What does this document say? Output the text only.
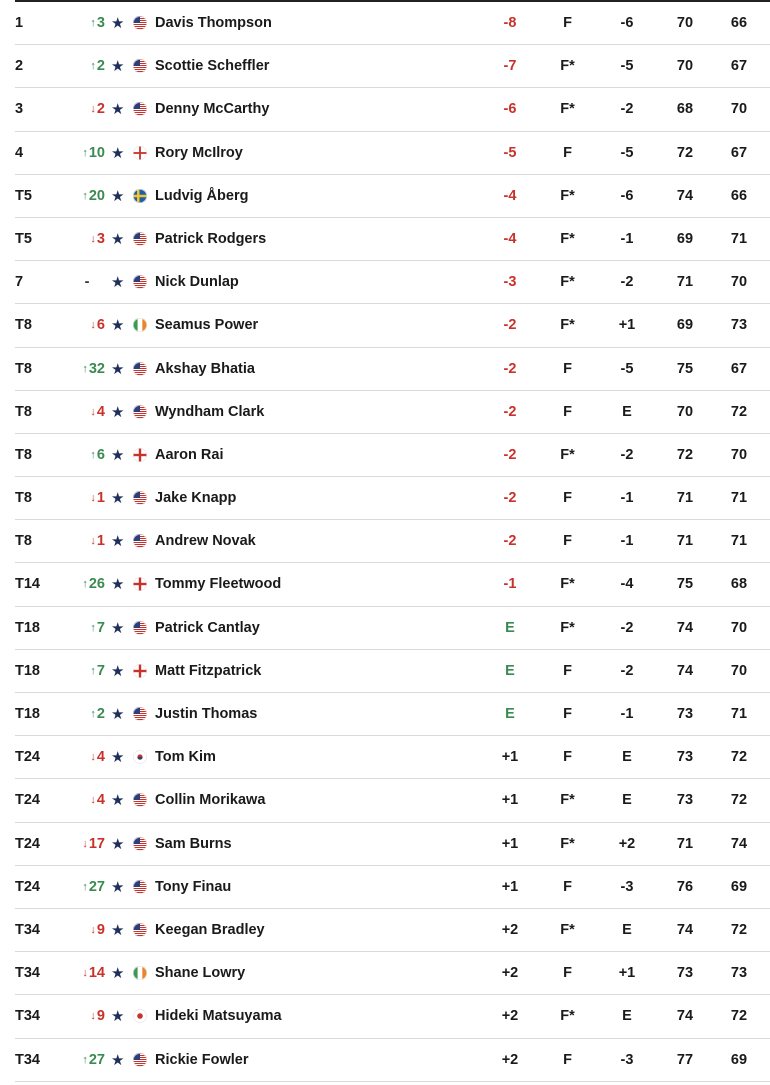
1	↑3 ★ Davis Thompson	-8	F	-6	70	66
2	↑2 ★ Scottie Scheffler	-7	F*	-5	70	67
3	↓2 ★ Denny McCarthy	-6	F*	-2	68	70
4	↑10 ★ Rory McIlroy	-5	F	-5	72	67
T5	↑20 ★ Ludvig Åberg	-4	F*	-6	74	66
T5	↓3 ★ Patrick Rodgers	-4	F*	-1	69	71
7	-	★ Nick Dunlap	-3	F*	-2	71	70
T8	↓6 ★ Seamus Power	-2	F*	+1	69	73
T8	↑32 ★ Akshay Bhatia	-2	F	-5	75	67
T8	↓4 ★ Wyndham Clark	-2	F	E	70	72
T8	↑6 ★ Aaron Rai	-2	F*	-2	72	70
T8	↓1 ★ Jake Knapp	-2	F	-1	71	71
T8	↓1 ★ Andrew Novak	-2	F	-1	71	71
T14	↑26 ★ Tommy Fleetwood	-1	F*	-4	75	68
T18	↑7 ★ Patrick Cantlay	E	F*	-2	74	70
T18	↑7 ★ Matt Fitzpatrick	E	F	-2	74	70
T18	↑2 ★ Justin Thomas	E	F	-1	73	71
T24	↓4 ★ Tom Kim	+1	F	E	73	72
T24	↓4 ★ Collin Morikawa	+1	F*	E	73	72
T24	↓17 ★ Sam Burns	+1	F*	+2	71	74
T24	↑27 ★ Tony Finau	+1	F	-3	76	69
T34	↓9 ★ Keegan Bradley	+2	F*	E	74	72
T34	↓14 ★ Shane Lowry	+2	F	+1	73	73
T34	↓9 ★ Hideki Matsuyama	+2	F*	E	74	72
T34	↑27 ★ Rickie Fowler	+2	F	-3	77	69
